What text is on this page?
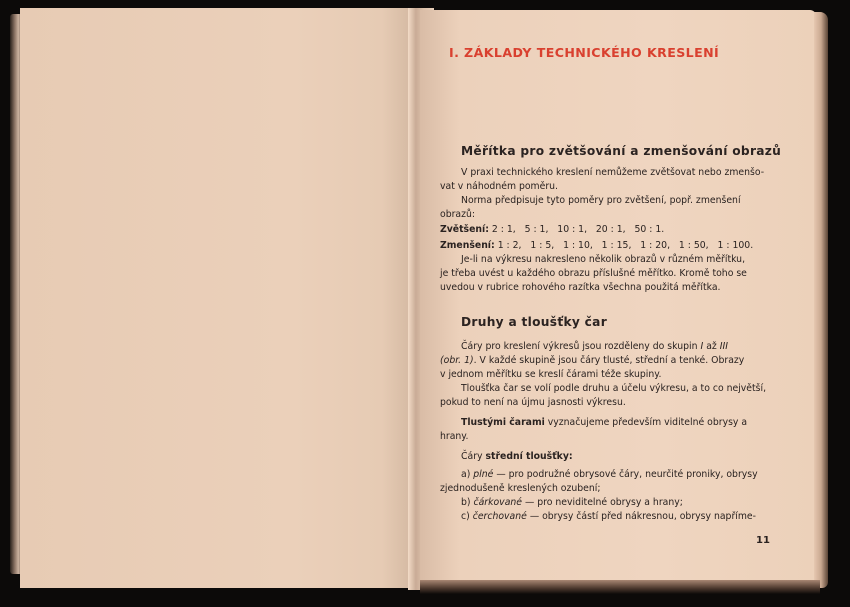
I. ZÁKLADY TECHNICKÉHO KRESLENÍ
Měřítka pro zvětšování a zmenšování obrazů
V praxi technického kreslení nemůžeme zvětšovat nebo zmenšo-
vat v náhodném poměru.
Norma předpisuje tyto poměry pro zvětšení, popř. zmenšení
obrazů:
Zvětšení: 2 : 1,   5 : 1,   10 : 1,   20 : 1,   50 : 1.
Zmenšení: 1 : 2,   1 : 5,   1 : 10,   1 : 15,   1 : 20,   1 : 50,   1 : 100.
Je-li na výkresu nakresleno několik obrazů v různém měřítku,
je třeba uvést u každého obrazu příslušné měřítko. Kromě toho se
uvedou v rubrice rohového razítka všechna použitá měřítka.
Druhy a tloušťky čar
Čáry pro kreslení výkresů jsou rozděleny do skupin I až III
(obr. 1). V každé skupině jsou čáry tlusté, střední a tenké. Obrazy
v jednom měřítku se kreslí čárami téže skupiny.
Tloušťka čar se volí podle druhu a účelu výkresu, a to co největší,
pokud to není na újmu jasnosti výkresu.
Tlustými čarami vyznačujeme především viditelné obrysy a
hrany.
Čáry střední tloušťky:
a) plné — pro podružné obrysové čáry, neurčité proniky, obrysy
zjednodušeně kreslených ozubení;
b) čárkované — pro neviditelné obrysy a hrany;
c) čerchované — obrysy částí před nákresnou, obrysy napříme-
11
